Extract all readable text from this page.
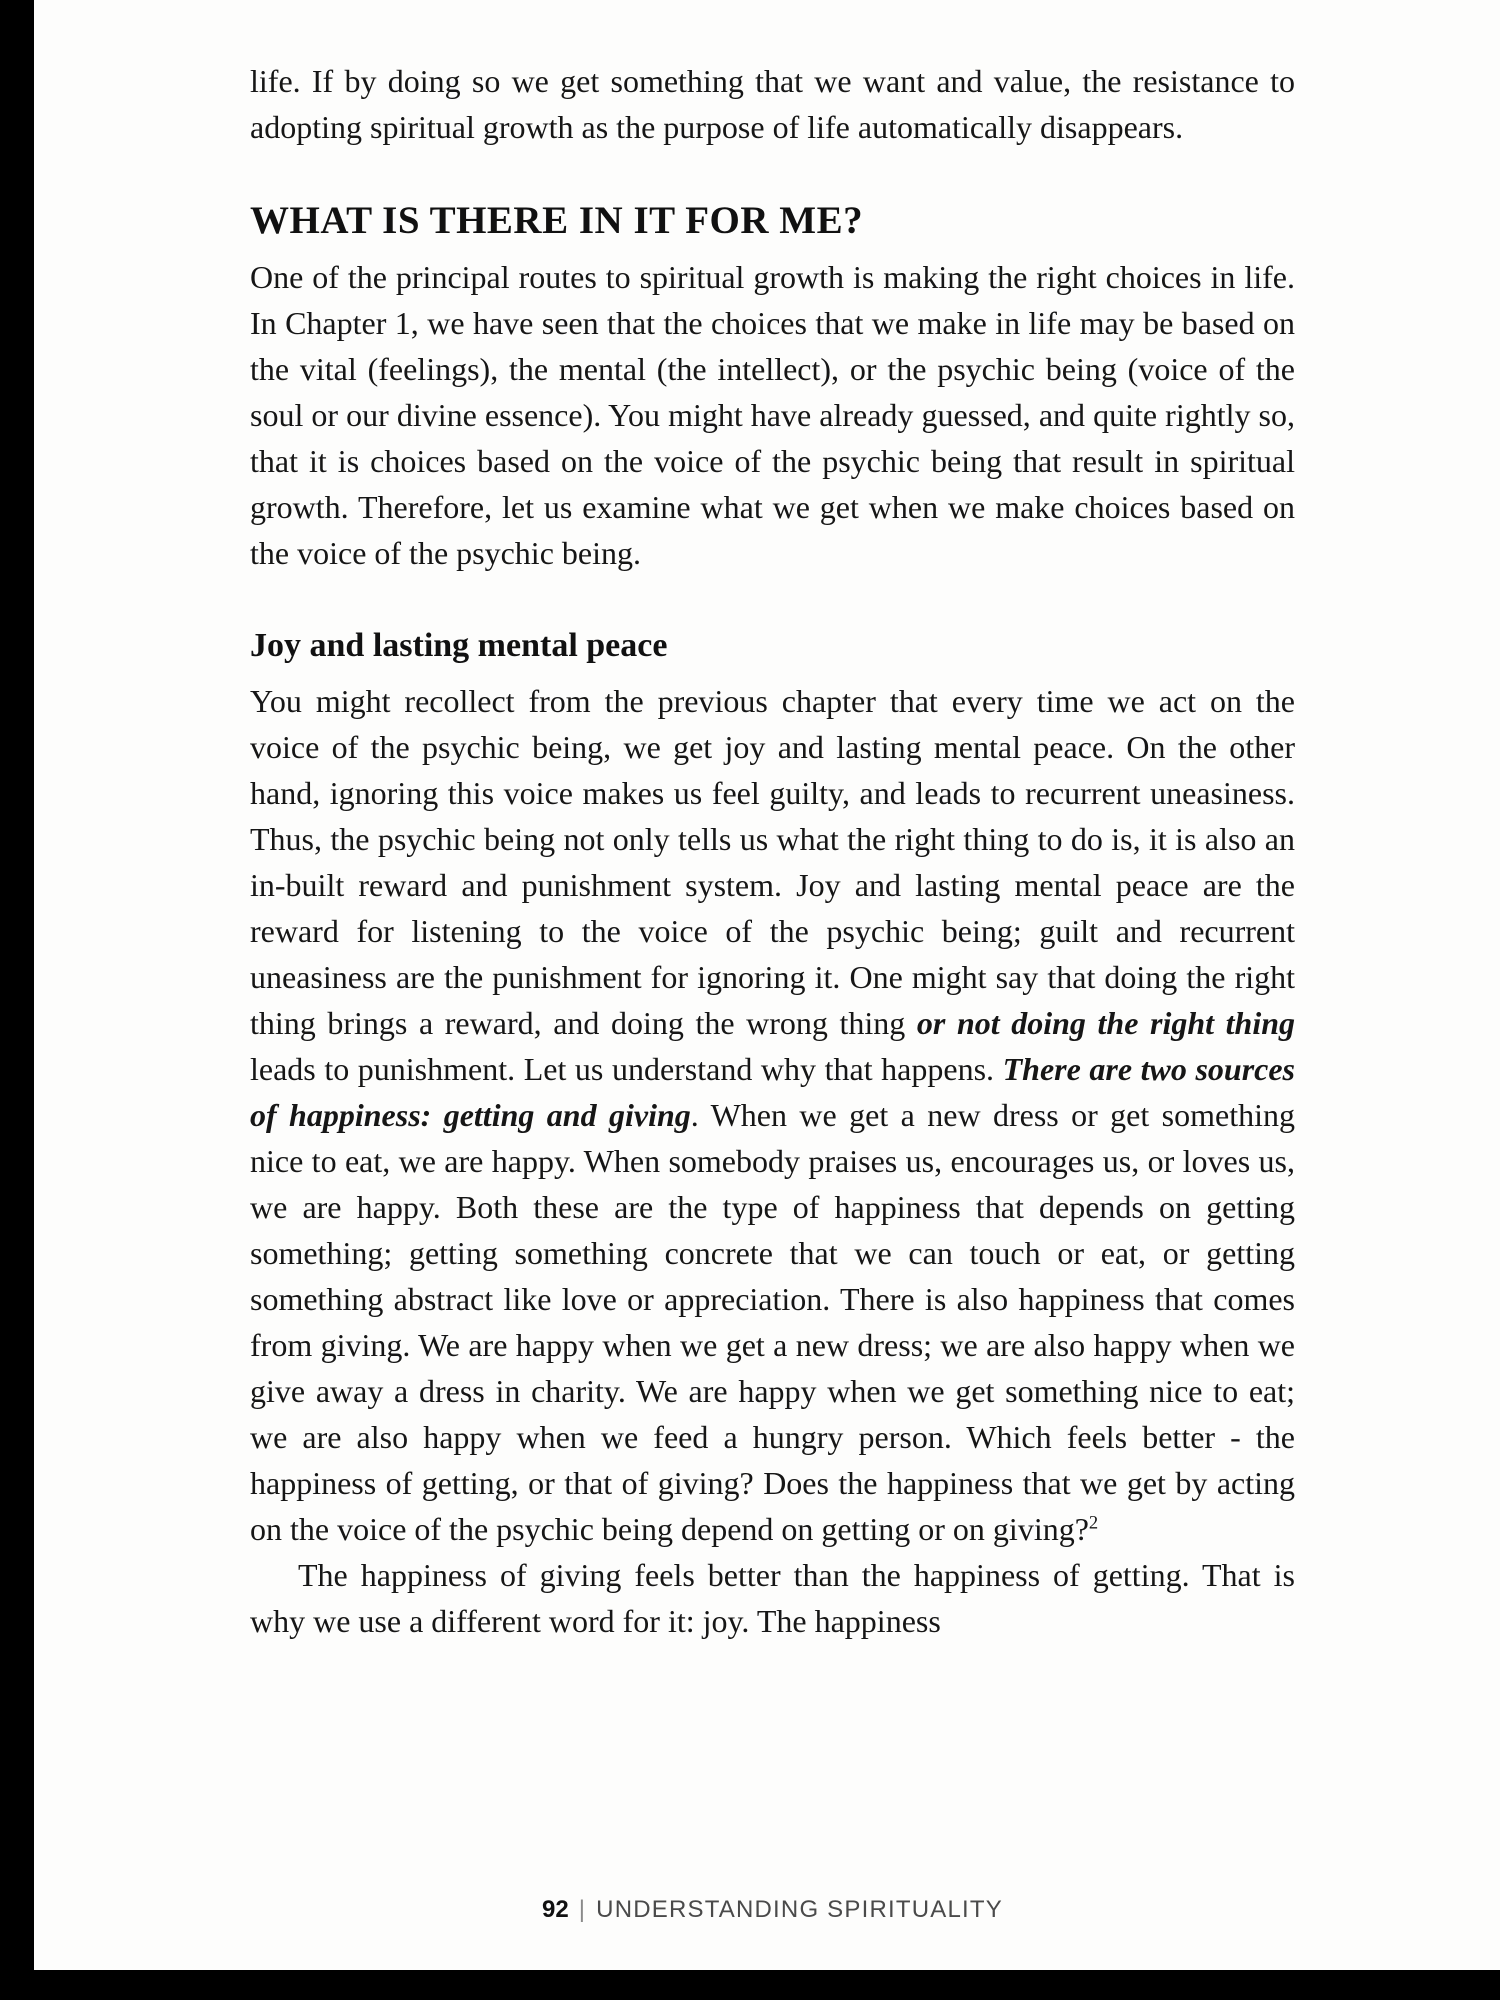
life. If by doing so we get something that we want and value, the resistance to adopting spiritual growth as the purpose of life automatically disappears.

WHAT IS THERE IN IT FOR ME?

One of the principal routes to spiritual growth is making the right choices in life. In Chapter 1, we have seen that the choices that we make in life may be based on the vital (feelings), the mental (the intellect), or the psychic being (voice of the soul or our divine essence). You might have already guessed, and quite rightly so, that it is choices based on the voice of the psychic being that result in spiritual growth. Therefore, let us examine what we get when we make choices based on the voice of the psychic being.

Joy and lasting mental peace

You might recollect from the previous chapter that every time we act on the voice of the psychic being, we get joy and lasting mental peace. On the other hand, ignoring this voice makes us feel guilty, and leads to recurrent uneasiness. Thus, the psychic being not only tells us what the right thing to do is, it is also an in-built reward and punishment system. Joy and lasting mental peace are the reward for listening to the voice of the psychic being; guilt and recurrent uneasiness are the punishment for ignoring it. One might say that doing the right thing brings a reward, and doing the wrong thing or not doing the right thing leads to punishment. Let us understand why that happens. There are two sources of happiness: getting and giving. When we get a new dress or get something nice to eat, we are happy. When somebody praises us, encourages us, or loves us, we are happy. Both these are the type of happiness that depends on getting something; getting something concrete that we can touch or eat, or getting something abstract like love or appreciation. There is also happiness that comes from giving. We are happy when we get a new dress; we are also happy when we give away a dress in charity. We are happy when we get something nice to eat; we are also happy when we feed a hungry person. Which feels better - the happiness of getting, or that of giving? Does the happiness that we get by acting on the voice of the psychic being depend on getting or on giving?$^2$

The happiness of giving feels better than the happiness of getting. That is why we use a different word for it: joy. The happiness

92 | UNDERSTANDING SPIRITUALITY
